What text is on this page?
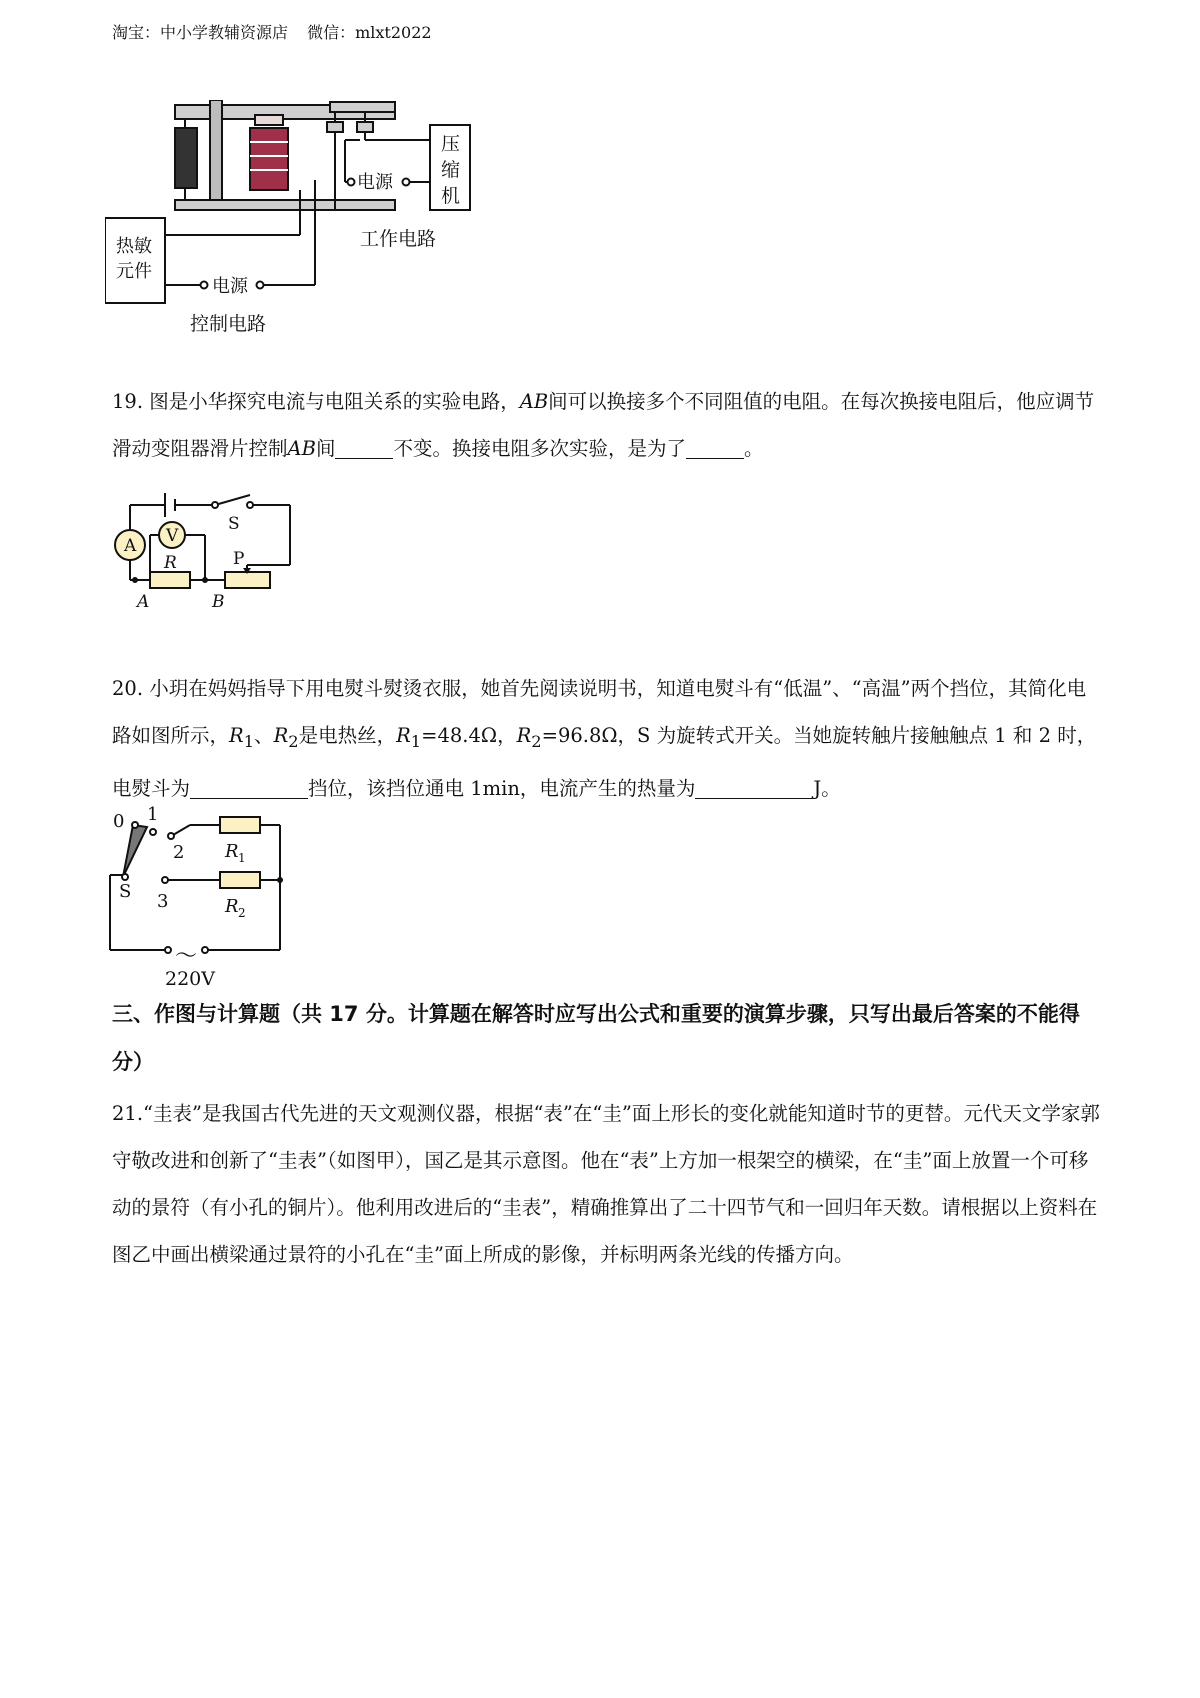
淘宝：中小学教辅资源店 微信：mlxt2022
电源
压
缩
机
工作电路
热敏
元件
电源
控制电路
19. 图是小华探究电流与电阻关系的实验电路，AB间可以换接多个不同阻值的电阻。在每次换接电阻后，他应调节滑动变阻器滑片控制AB间	不变。换接电阻多次实验，是为了	。
A V
S
P
R
A	B
20. 小玥在妈妈指导下用电熨斗熨烫衣服，她首先阅读说明书，知道电熨斗有“低温”、“高温”两个挡位，其简化电路如图所示，$R_1$、$R_2$是电热丝，$R_1=48.4\Omega$，$R_2=96.8\Omega$，S 为旋转式开关。当她旋转触片接触触点 1 和 2 时，电熨斗为	挡位，该挡位通电 1min，电流产生的热量为	J。
0 1
2
3
S
R 1
R 2
～
220V
三、作图与计算题（共 17 分。计算题在解答时应写出公式和重要的演算步骤，只写出最后答案的不能得分）
21.“圭表”是我国古代先进的天文观测仪器，根据“表”在“圭”面上形长的变化就能知道时节的更替。元代天文学家郭守敬改进和创新了“圭表”（如图甲），国乙是其示意图。他在“表”上方加一根架空的横梁，在“圭”面上放置一个可移动的景符（有小孔的铜片）。他利用改进后的“圭表”，精确推算出了二十四节气和一回归年天数。请根据以上资料在图乙中画出横梁通过景符的小孔在“圭”面上所成的影像，并标明两条光线的传播方向。
